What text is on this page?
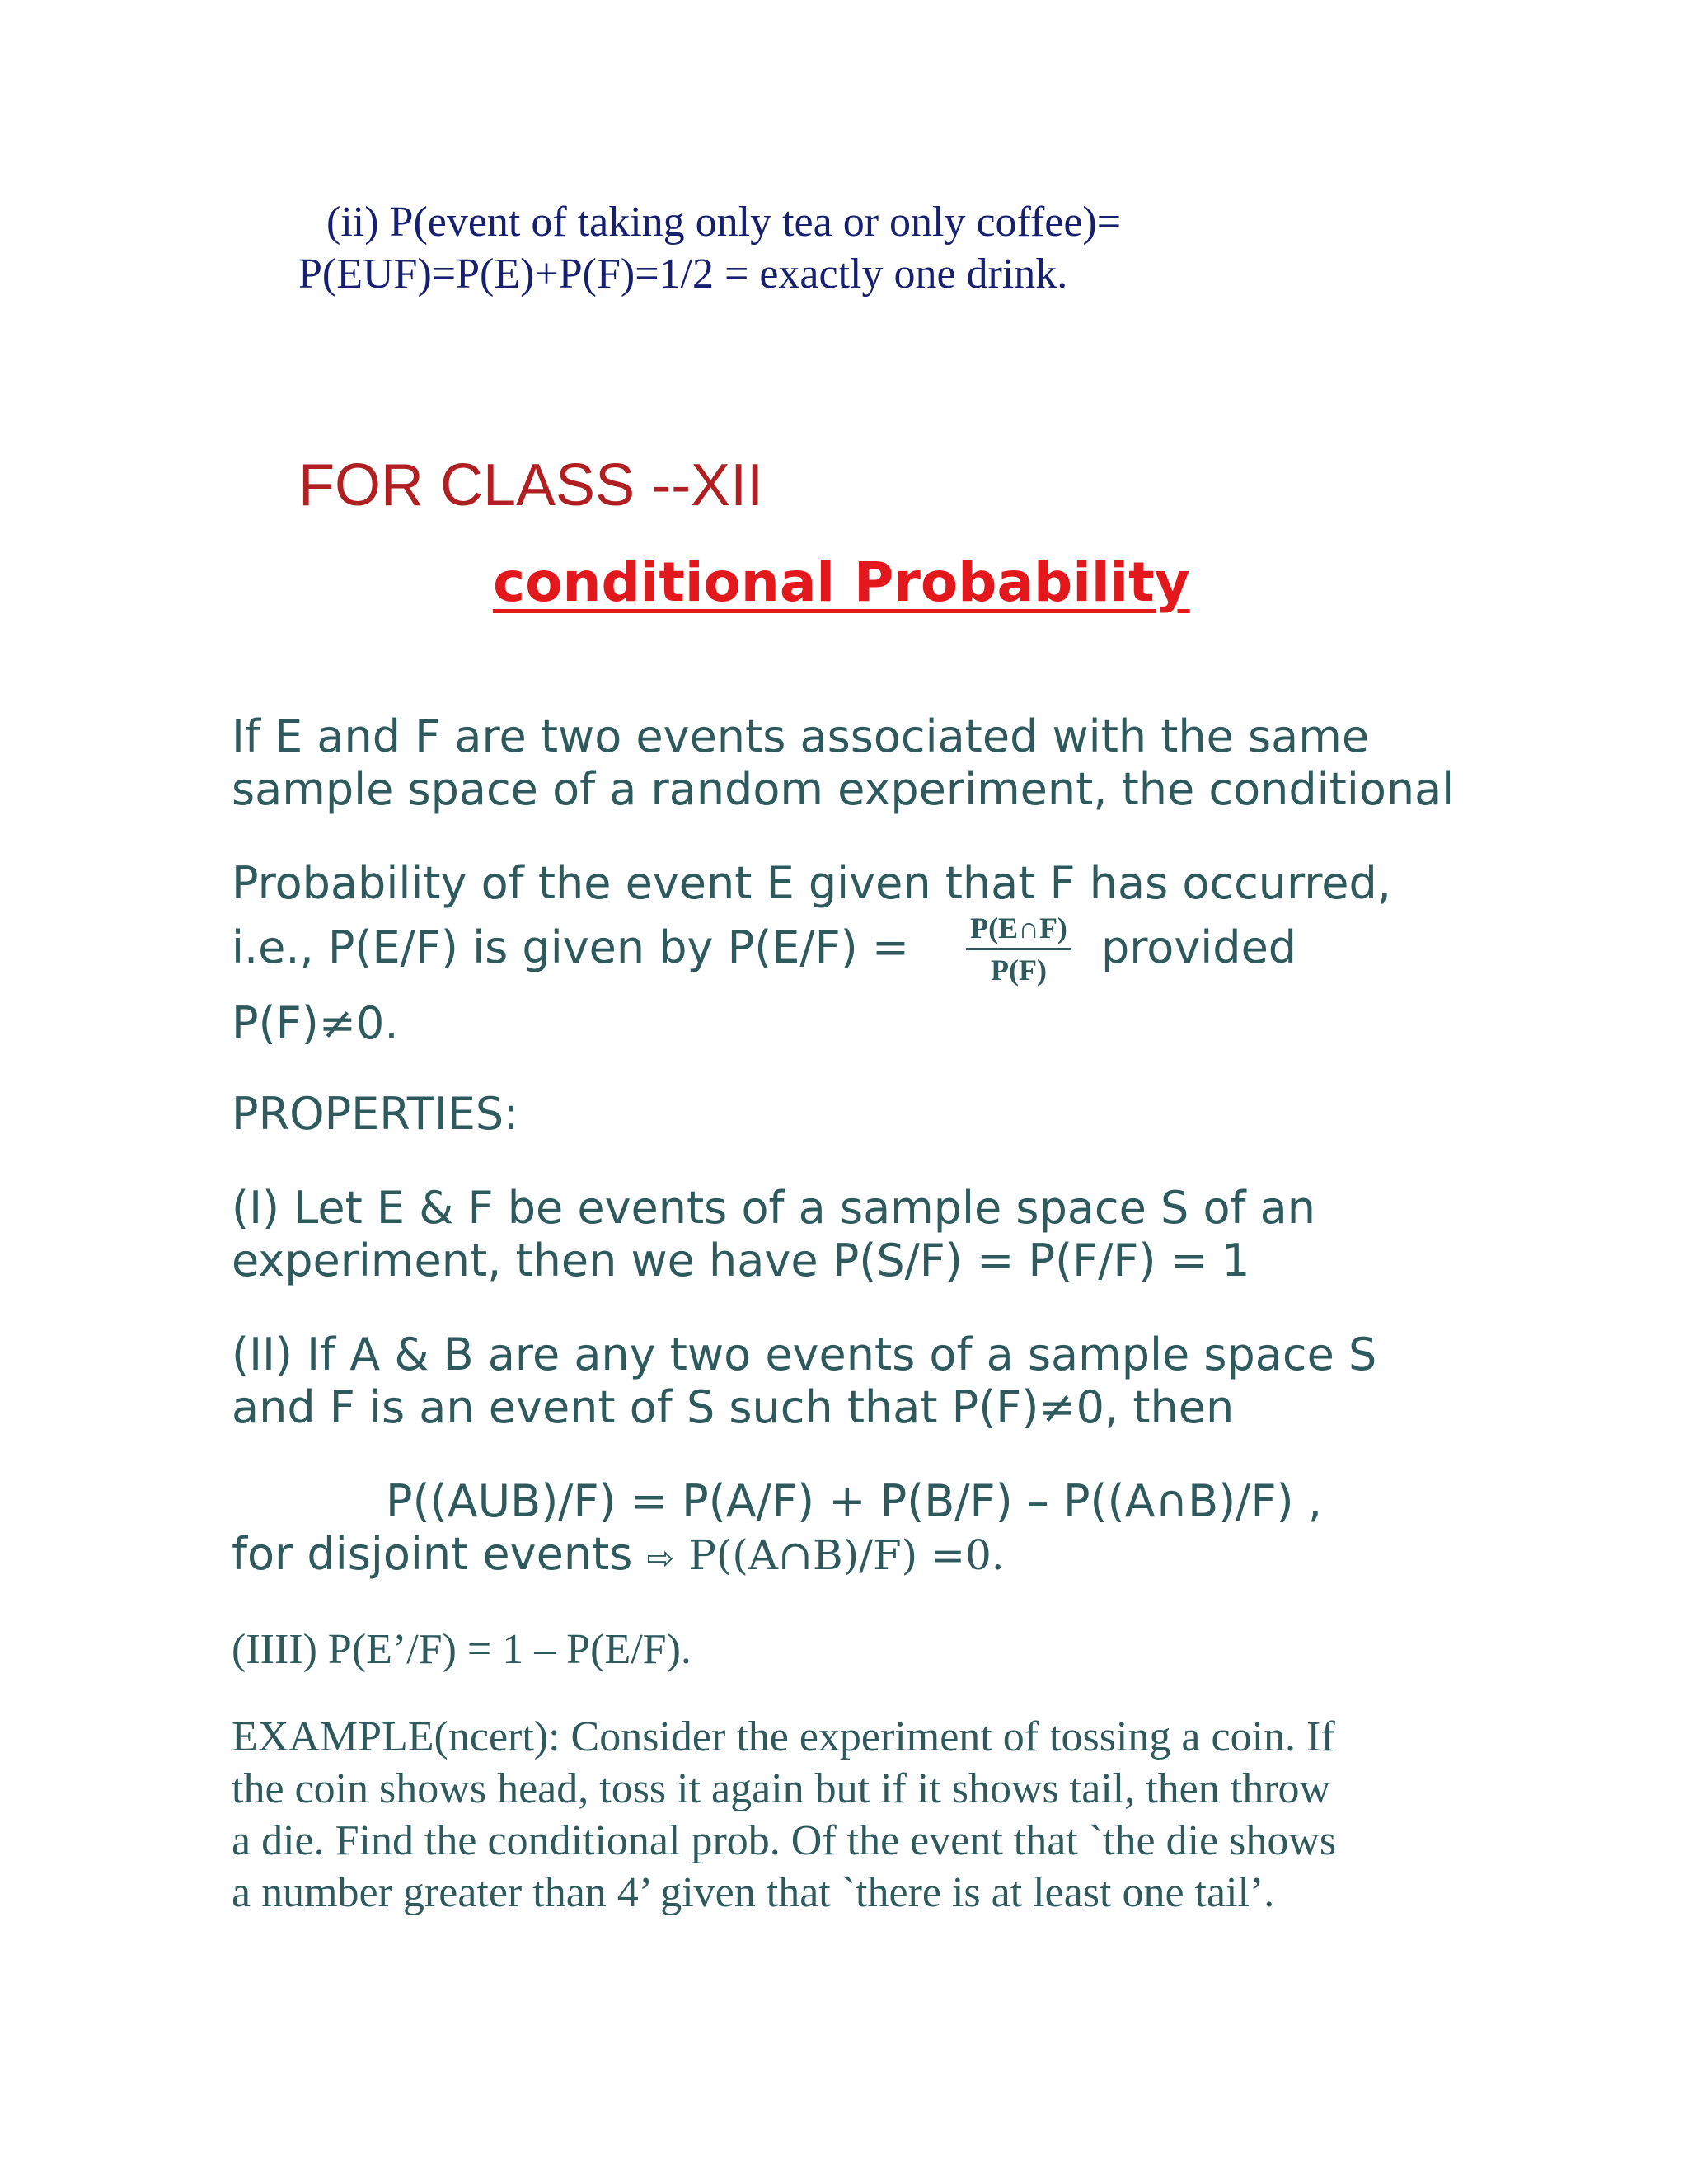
(ii) P(event of taking only tea or only coffee)=
P(EUF)=P(E)+P(F)=1/2 = exactly one drink.
FOR CLASS --XII
conditional Probability
If E and F are two events associated with the same
sample space of a random experiment, the conditional
Probability of the event E given that F has occurred,
i.e., P(E/F) is given by P(E/F) =	P(E∩F)
P(F)	provided
P(F)≠0.
PROPERTIES:
(I) Let E & F be events of a sample space S of an
experiment, then we have P(S/F) = P(F/F) = 1
(II) If A & B are any two events of a sample space S
and F is an event of S such that P(F)≠0, then
P((AUB)/F) = P(A/F) + P(B/F) – P((A∩B)/F) ,
for disjoint events ⇨ P((A∩B)/F) =0.
(IIII) P(E’/F) = 1 – P(E/F).
EXAMPLE(ncert): Consider the experiment of tossing a coin. If
the coin shows head, toss it again but if it shows tail, then throw
a die. Find the conditional prob. Of the event that `the die shows
a number greater than 4’ given that `there is at least one tail’.
